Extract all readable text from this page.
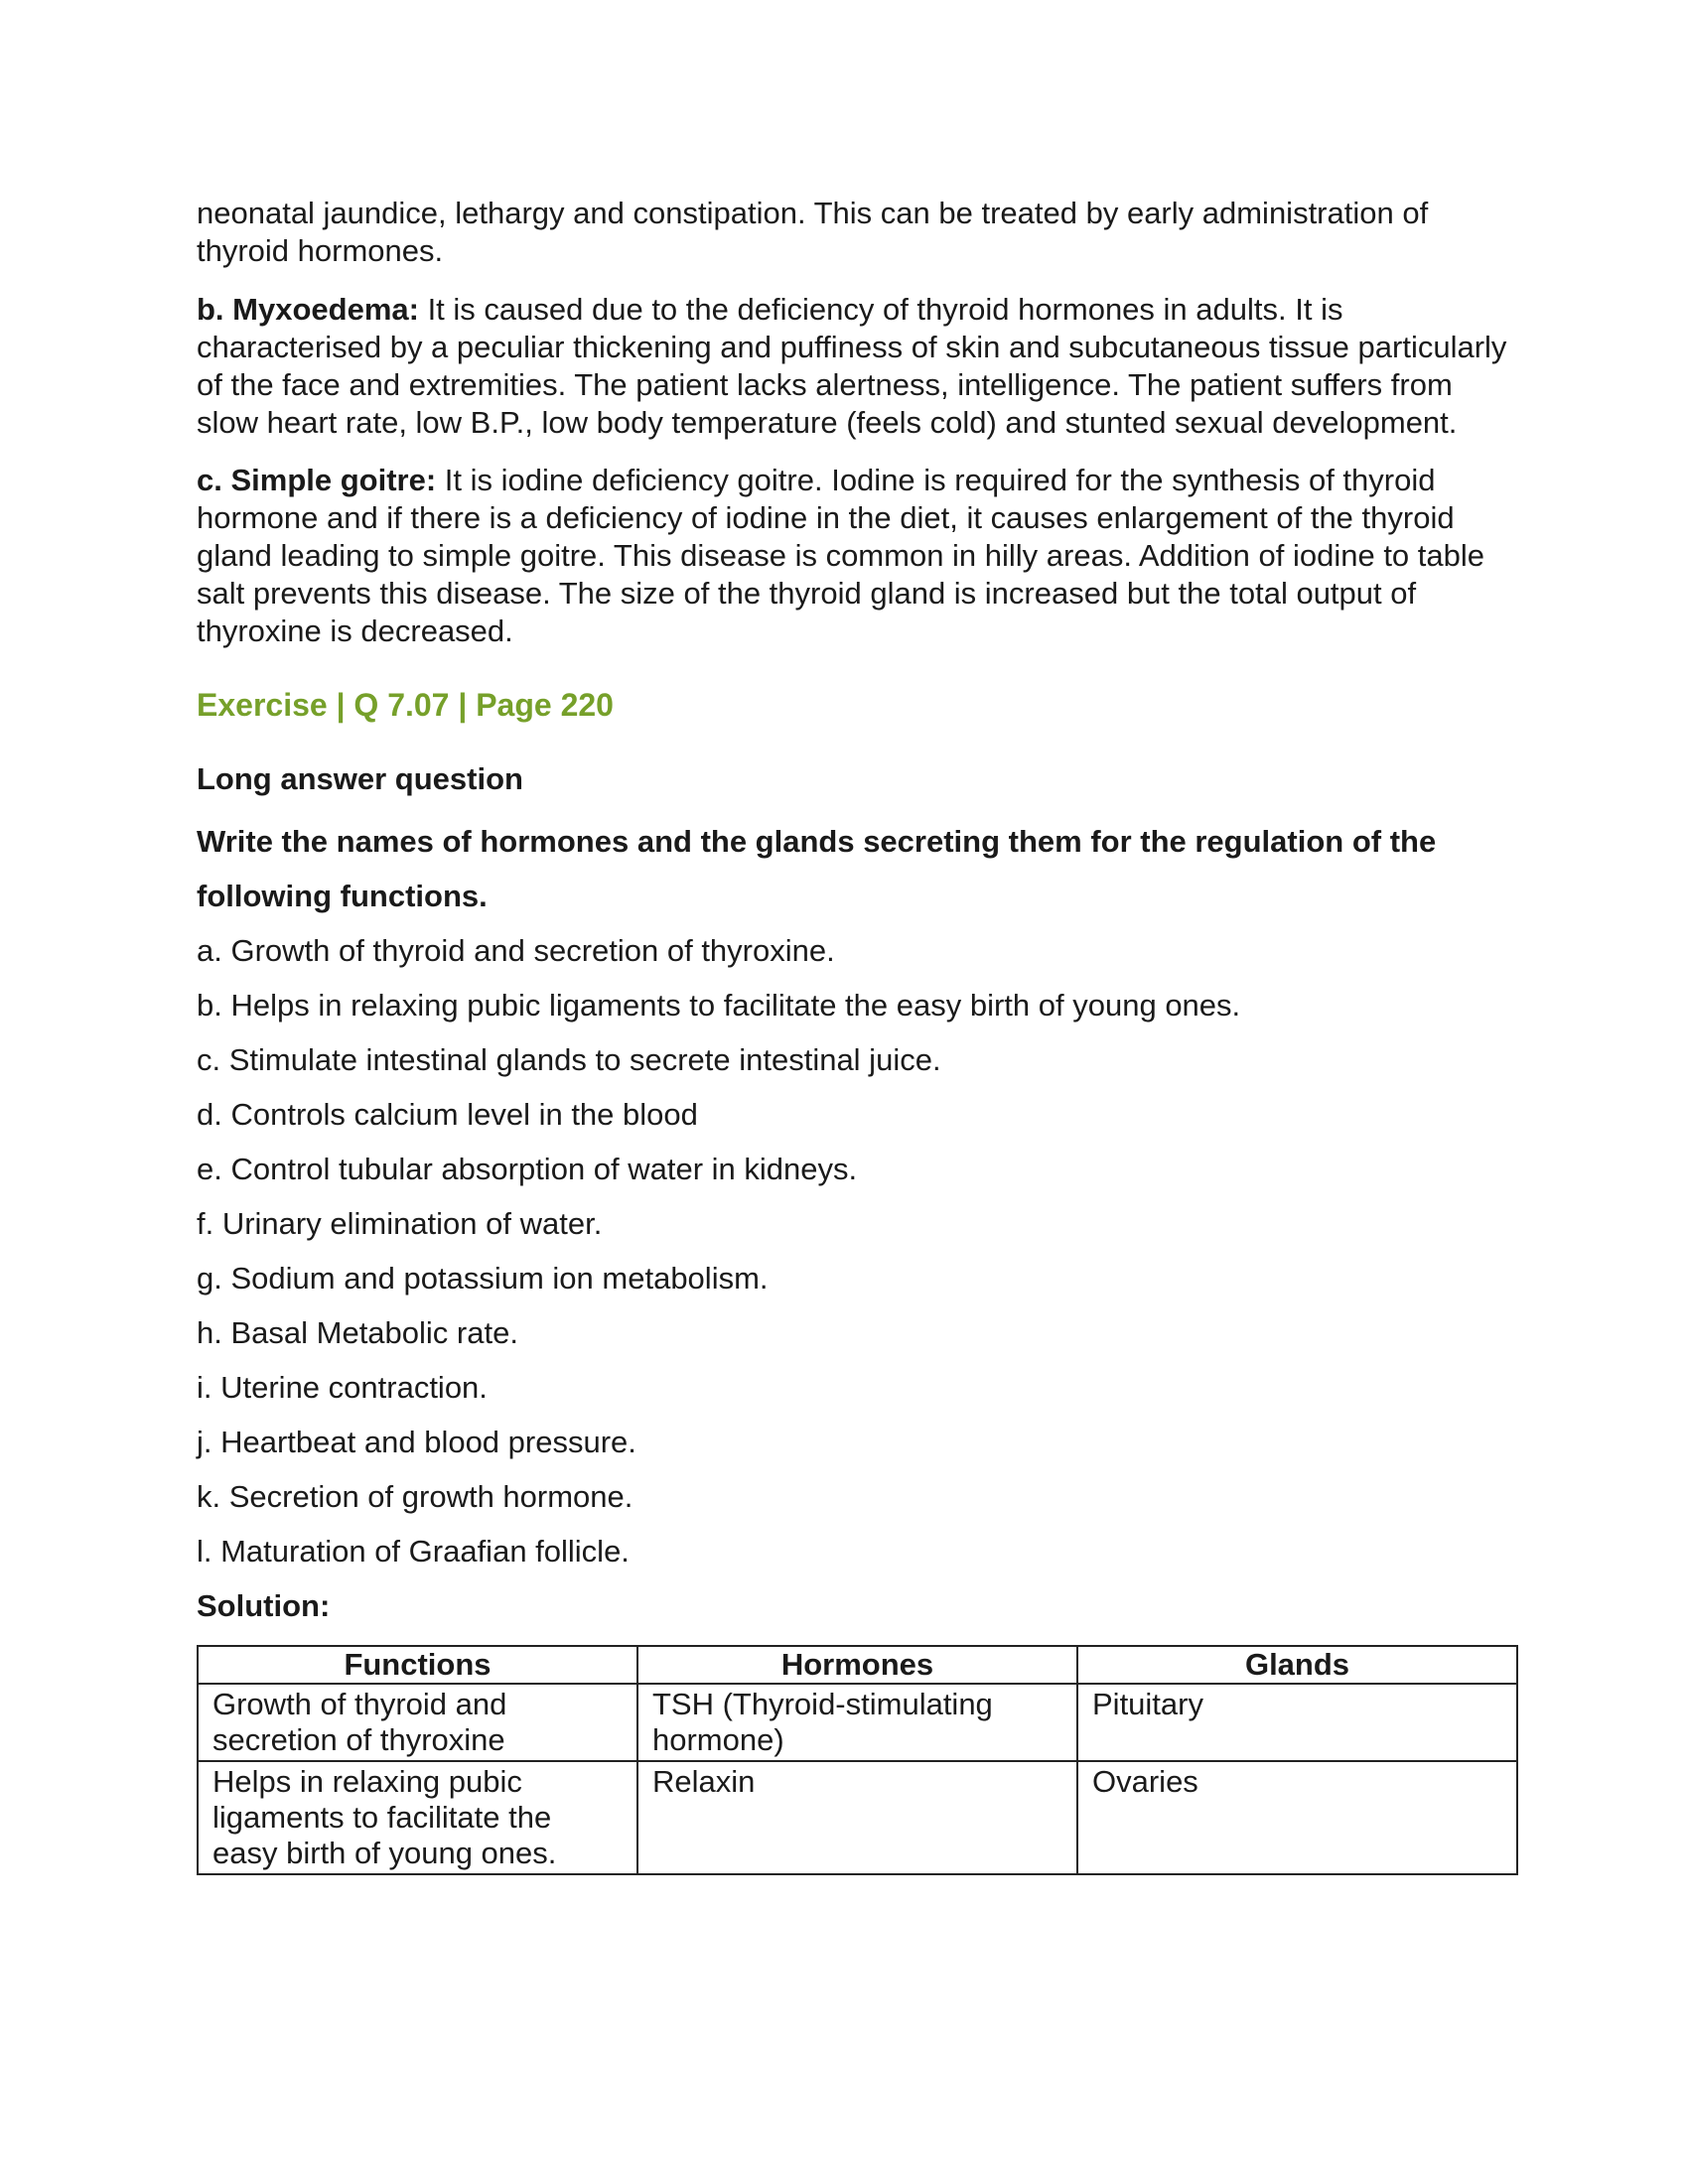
neonatal jaundice, lethargy and constipation. This can be treated by early administration of thyroid hormones.

b. Myxoedema: It is caused due to the deficiency of thyroid hormones in adults. It is characterised by a peculiar thickening and puffiness of skin and subcutaneous tissue particularly of the face and extremities. The patient lacks alertness, intelligence. The patient suffers from slow heart rate, low B.P., low body temperature (feels cold) and stunted sexual development.

c. Simple goitre: It is iodine deficiency goitre. Iodine is required for the synthesis of thyroid hormone and if there is a deficiency of iodine in the diet, it causes enlargement of the thyroid gland leading to simple goitre. This disease is common in hilly areas. Addition of iodine to table salt prevents this disease. The size of the thyroid gland is increased but the total output of thyroxine is decreased.

Exercise | Q 7.07 | Page 220
Long answer question
Write the names of hormones and the glands secreting them for the regulation of the following functions.
a. Growth of thyroid and secretion of thyroxine.
b. Helps in relaxing pubic ligaments to facilitate the easy birth of young ones.
c. Stimulate intestinal glands to secrete intestinal juice.
d. Controls calcium level in the blood
e. Control tubular absorption of water in kidneys.
f. Urinary elimination of water.
g. Sodium and potassium ion metabolism.
h. Basal Metabolic rate.
i. Uterine contraction.
j. Heartbeat and blood pressure.
k. Secretion of growth hormone.
l. Maturation of Graafian follicle.
Solution:
Functions	Hormones	Glands
Growth of thyroid and secretion of thyroxine	TSH (Thyroid-stimulating hormone)	Pituitary
Helps in relaxing pubic ligaments to facilitate the easy birth of young ones.	Relaxin	Ovaries
